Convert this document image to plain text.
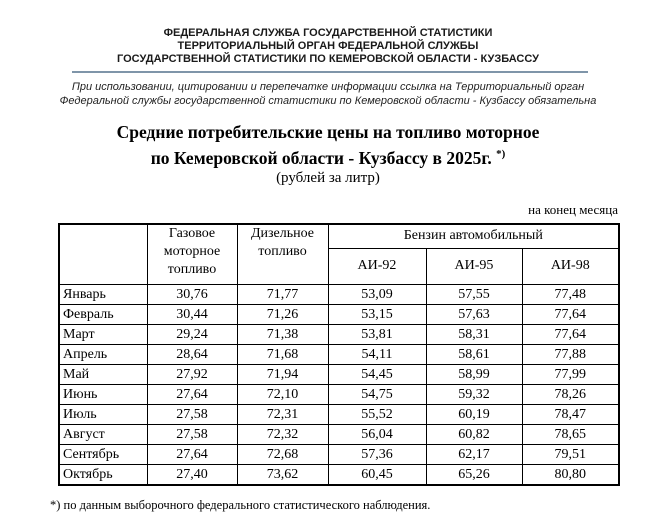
ФЕДЕРАЛЬНАЯ СЛУЖБА ГОСУДАРСТВЕННОЙ СТАТИСТИКИ
ТЕРРИТОРИАЛЬНЫЙ ОРГАН ФЕДЕРАЛЬНОЙ СЛУЖБЫ
ГОСУДАРСТВЕННОЙ СТАТИСТИКИ ПО КЕМЕРОВСКОЙ ОБЛАСТИ - КУЗБАССУ
При использовании, цитировании и перепечатке информации ссылка на Территориальный орган
Федеральной службы государственной статистики по Кемеровской области - Кузбассу обязательна
Средние потребительские цены на топливо моторное
по Кемеровской области - Кузбассу в 2025г. *)
(рублей за литр)
на конец месяца
	Газовое моторное топливо	Дизельное топливо	Бензин автомобильный		
			АИ-92	АИ-95	АИ-98
Январь	30,76	71,77	53,09	57,55	77,48
Февраль	30,44	71,26	53,15	57,63	77,64
Март	29,24	71,38	53,81	58,31	77,64
Апрель	28,64	71,68	54,11	58,61	77,88
Май	27,92	71,94	54,45	58,99	77,99
Июнь	27,64	72,10	54,75	59,32	78,26
Июль	27,58	72,31	55,52	60,19	78,47
Август	27,58	72,32	56,04	60,82	78,65
Сентябрь	27,64	72,68	57,36	62,17	79,51
Октябрь	27,40	73,62	60,45	65,26	80,80
*) по данным выборочного федерального статистического наблюдения.
